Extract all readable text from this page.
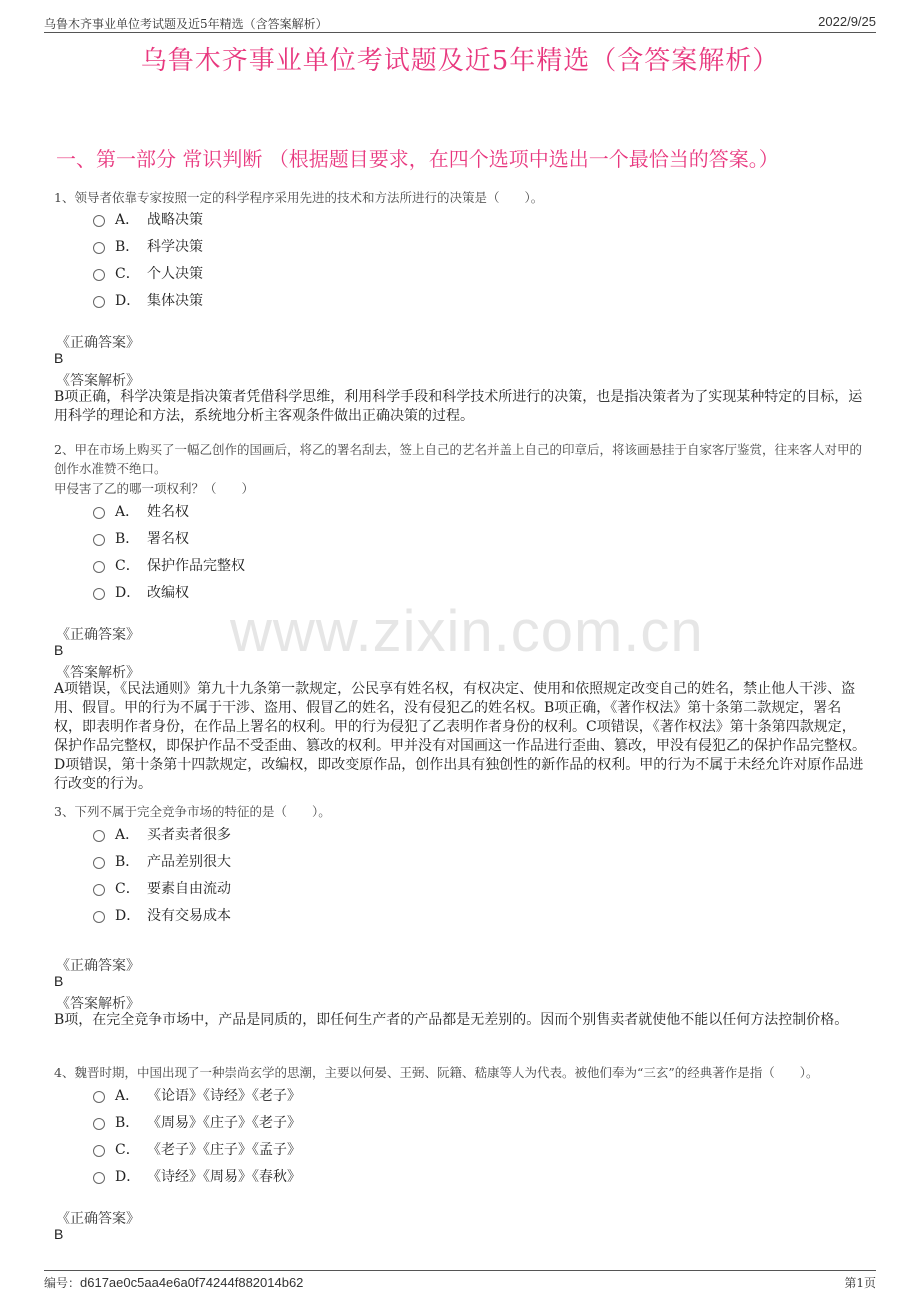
乌鲁木齐事业单位考试题及近5年精选（含答案解析）	2022/9/25
乌鲁木齐事业单位考试题及近5年精选（含答案解析）
一、第一部分 常识判断 （根据题目要求，在四个选项中选出一个最恰当的答案。）
www.zixin.com.cn
1、领导者依靠专家按照一定的科学程序采用先进的技术和方法所进行的决策是（　　）。
A． 战略决策
B． 科学决策
C． 个人决策
D． 集体决策
《正确答案》
B
《答案解析》
B项正确，科学决策是指决策者凭借科学思维，利用科学手段和科学技术所进行的决策，也是指决策者为了实现某种特定的目标，运用科学的理论和方法，系统地分析主客观条件做出正确决策的过程。
2、甲在市场上购买了一幅乙创作的国画后，将乙的署名刮去，签上自己的艺名并盖上自己的印章后，将该画悬挂于自家客厅鉴赏，往来客人对甲的创作水准赞不绝口。
甲侵害了乙的哪一项权利？（　　）
A． 姓名权
B． 署名权
C． 保护作品完整权
D． 改编权
《正确答案》
B
《答案解析》
A项错误，《民法通则》第九十九条第一款规定，公民享有姓名权，有权决定、使用和依照规定改变自己的姓名，禁止他人干涉、盗用、假冒。甲的行为不属于干涉、盗用、假冒乙的姓名，没有侵犯乙的姓名权。B项正确，《著作权法》第十条第二款规定，署名权，即表明作者身份，在作品上署名的权利。甲的行为侵犯了乙表明作者身份的权利。C项错误，《著作权法》第十条第四款规定，保护作品完整权，即保护作品不受歪曲、篡改的权利。甲并没有对国画这一作品进行歪曲、篡改，甲没有侵犯乙的保护作品完整权。D项错误，第十条第十四款规定，改编权，即改变原作品，创作出具有独创性的新作品的权利。甲的行为不属于未经允许对原作品进行改变的行为。
3、下列不属于完全竞争市场的特征的是（　　）。
A． 买者卖者很多
B． 产品差别很大
C． 要素自由流动
D． 没有交易成本
《正确答案》
B
《答案解析》
B项，在完全竞争市场中，产品是同质的，即任何生产者的产品都是无差别的。因而个别售卖者就使他不能以任何方法控制价格。
4、魏晋时期，中国出现了一种崇尚玄学的思潮，主要以何晏、王弼、阮籍、嵇康等人为代表。被他们奉为“三玄”的经典著作是指（　　）。
A． 《论语》《诗经》《老子》
B． 《周易》《庄子》《老子》
C． 《老子》《庄子》《孟子》
D． 《诗经》《周易》《春秋》
《正确答案》
B
编号：d617ae0c5aa4e6a0f74244f882014b62	第1页
